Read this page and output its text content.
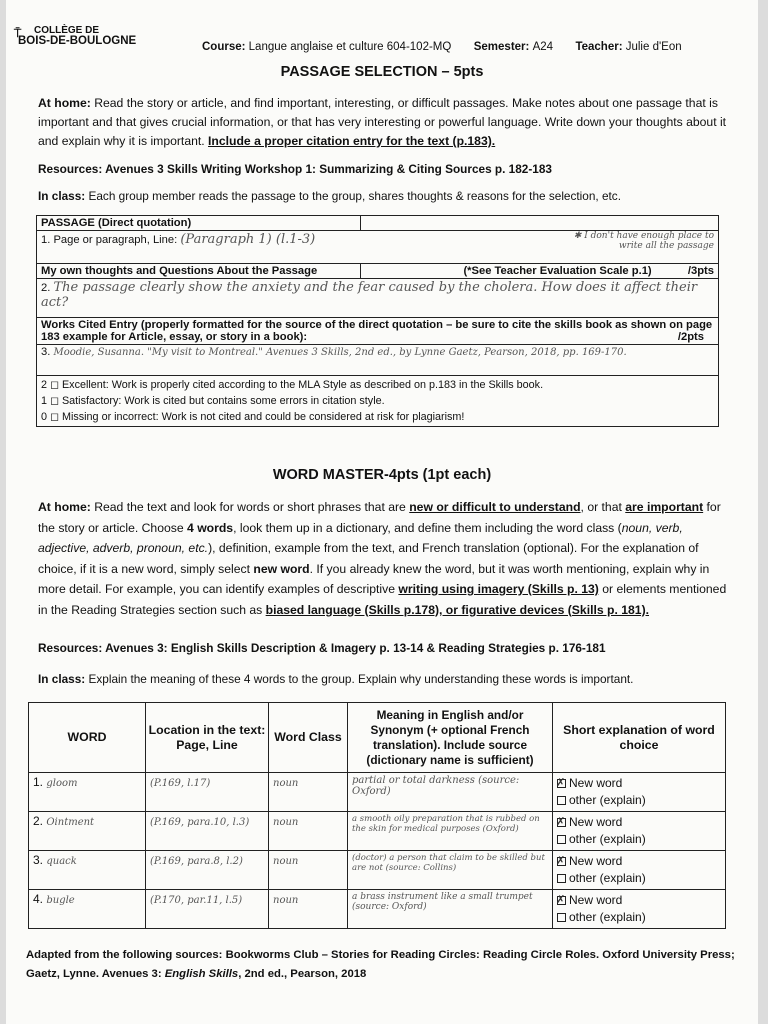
⍑	COLLÈGE DE
BOIS-DE-BOULOGNE	Course: Langue anglaise et culture 604-102-MQ Semester: A24 Teacher: Julie d'Eon
PASSAGE SELECTION – 5pts
At home: Read the story or article, and find important, interesting, or difficult passages. Make notes about one passage that is important and that gives crucial information, or that has very interesting or powerful language. Write down your thoughts about it and explain why it is important. Include a proper citation entry for the text (p.183).
Resources: Avenues 3 Skills Writing Workshop 1: Summarizing & Citing Sources p. 182-183
In class: Each group member reads the passage to the group, shares thoughts & reasons for the selection, etc.
PASSAGE (Direct quotation)	
1. Page or paragraph, Line: (Paragraph 1) (l.1-3) ✱ I don't have enough place to write all the passage	

My own thoughts and Questions About the Passage	(*See Teacher Evaluation Scale p.1) /3pts
2. The passage clearly show the anxiety and the fear caused by the cholera. How does it affect their act?	
Works Cited Entry (properly formatted for the source of the direct quotation – be sure to cite the skills book as shown on page 183 example for Article, essay, or story in a book): /2pts	

3. Moodie, Susanna. "My visit to Montreal." Avenues 3 Skills, 2nd ed., by Lynne Gaetz, Pearson, 2018, pp. 169-170.	

2 ◻ Excellent: Work is properly cited according to the MLA Style as described on p.183 in the Skills book.
1 ◻ Satisfactory: Work is cited but contains some errors in citation style.
0 ◻ Missing or incorrect: Work is not cited and could be considered at risk for plagiarism!	
WORD MASTER-4pts (1pt each)
At home: Read the text and look for words or short phrases that are new or difficult to understand, or that are important for the story or article. Choose 4 words, look them up in a dictionary, and define them including the word class (noun, verb, adjective, adverb, pronoun, etc.), definition, example from the text, and French translation (optional). For the explanation of choice, if it is a new word, simply select new word. If you already knew the word, but it was worth mentioning, explain why in more detail. For example, you can identify examples of descriptive writing using imagery (Skills p. 13) or elements mentioned in the Reading Strategies section such as biased language (Skills p.178), or figurative devices (Skills p. 181).
Resources: Avenues 3: English Skills Description & Imagery p. 13-14 & Reading Strategies p. 176-181
In class: Explain the meaning of these 4 words to the group. Explain why understanding these words is important.
WORD	Location in the text: Page, Line	Word Class	Meaning in English and/or Synonym (+ optional French translation). Include source (dictionary name is sufficient)	Short explanation of word choice
1. gloom	(P.169, l.17)	noun	partial or total darkness (source: Oxford)

✗New word
other (explain)

2. Ointment	(P.169, para.10, l.3)	noun	a smooth oily preparation that is rubbed on the skin for medical purposes (Oxford)

✗New word
other (explain)

3. quack	(P.169, para.8, l.2)	noun	(doctor) a person that claim to be skilled but are not (source: Collins)

✗New word
other (explain)

4. bugle	(P.170, par.11, l.5)	noun	a brass instrument like a small trumpet (source: Oxford)

✗New word
other (explain)
Adapted from the following sources: Bookworms Club – Stories for Reading Circles: Reading Circle Roles. Oxford University Press;
Gaetz, Lynne. Avenues 3: English Skills, 2nd ed., Pearson, 2018
